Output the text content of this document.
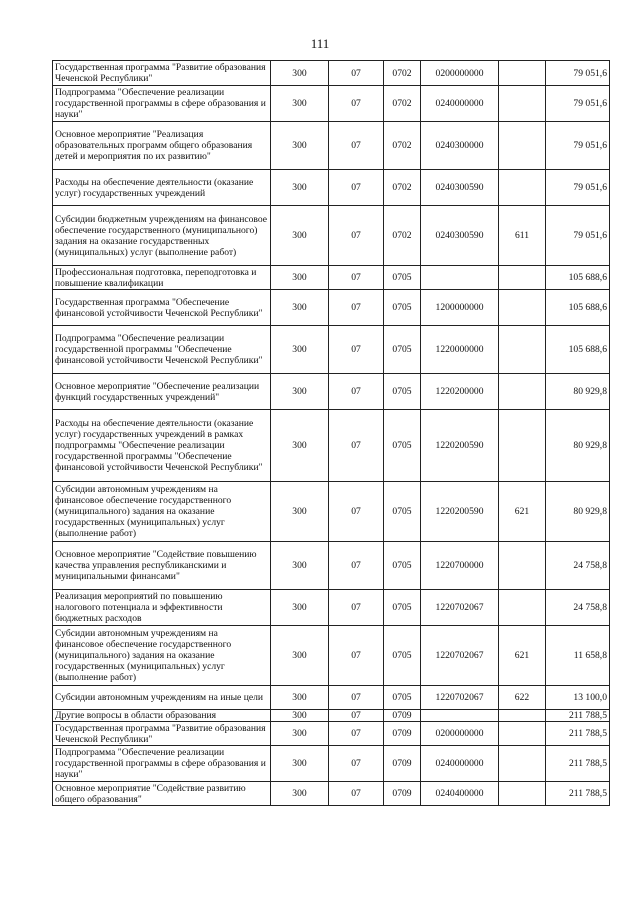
111
Государственная программа "Развитие образования Чеченской Республики"	300	07	0702	0200000000		79 051,6
Подпрограмма "Обеспечение реализации государственной программы в сфере образования и науки"	300	07	0702	0240000000		79 051,6
Основное мероприятие "Реализация образовательных программ общего образования детей и мероприятия по их развитию"	300	07	0702	0240300000		79 051,6
Расходы на обеспечение деятельности (оказание услуг) государственных учреждений	300	07	0702	0240300590		79 051,6
Субсидии бюджетным учреждениям на финансовое обеспечение государственного (муниципального) задания на оказание государственных (муниципальных) услуг (выполнение работ)	300	07	0702	0240300590	611	79 051,6
Профессиональная подготовка, переподготовка и повышение квалификации	300	07	0705			105 688,6
Государственная программа "Обеспечение финансовой устойчивости Чеченской Республики"	300	07	0705	1200000000		105 688,6
Подпрограмма "Обеспечение реализации государственной программы "Обеспечение финансовой устойчивости Чеченской Республики"	300	07	0705	1220000000		105 688,6
Основное мероприятие "Обеспечение реализации функций государственных учреждений"	300	07	0705	1220200000		80 929,8
Расходы на обеспечение деятельности (оказание услуг) государственных учреждений в рамках подпрограммы "Обеспечение реализации государственной программы "Обеспечение финансовой устойчивости Чеченской Республики"	300	07	0705	1220200590		80 929,8
Субсидии автономным учреждениям на финансовое обеспечение государственного (муниципального) задания на оказание государственных (муниципальных) услуг (выполнение работ)	300	07	0705	1220200590	621	80 929,8
Основное мероприятие "Содействие повышению качества управления республиканскими и муниципальными финансами"	300	07	0705	1220700000		24 758,8
Реализация мероприятий по повышению налогового потенциала и эффективности бюджетных расходов	300	07	0705	1220702067		24 758,8
Субсидии автономным учреждениям на финансовое обеспечение государственного (муниципального) задания на оказание государственных (муниципальных) услуг (выполнение работ)	300	07	0705	1220702067	621	11 658,8
Субсидии автономным учреждениям на иные цели	300	07	0705	1220702067	622	13 100,0
Другие вопросы в области образования	300	07	0709			211 788,5
Государственная программа "Развитие образования Чеченской Республики"	300	07	0709	0200000000		211 788,5
Подпрограмма "Обеспечение реализации государственной программы в сфере образования и науки"	300	07	0709	0240000000		211 788,5
Основное мероприятие "Содействие развитию общего образования"	300	07	0709	0240400000		211 788,5
